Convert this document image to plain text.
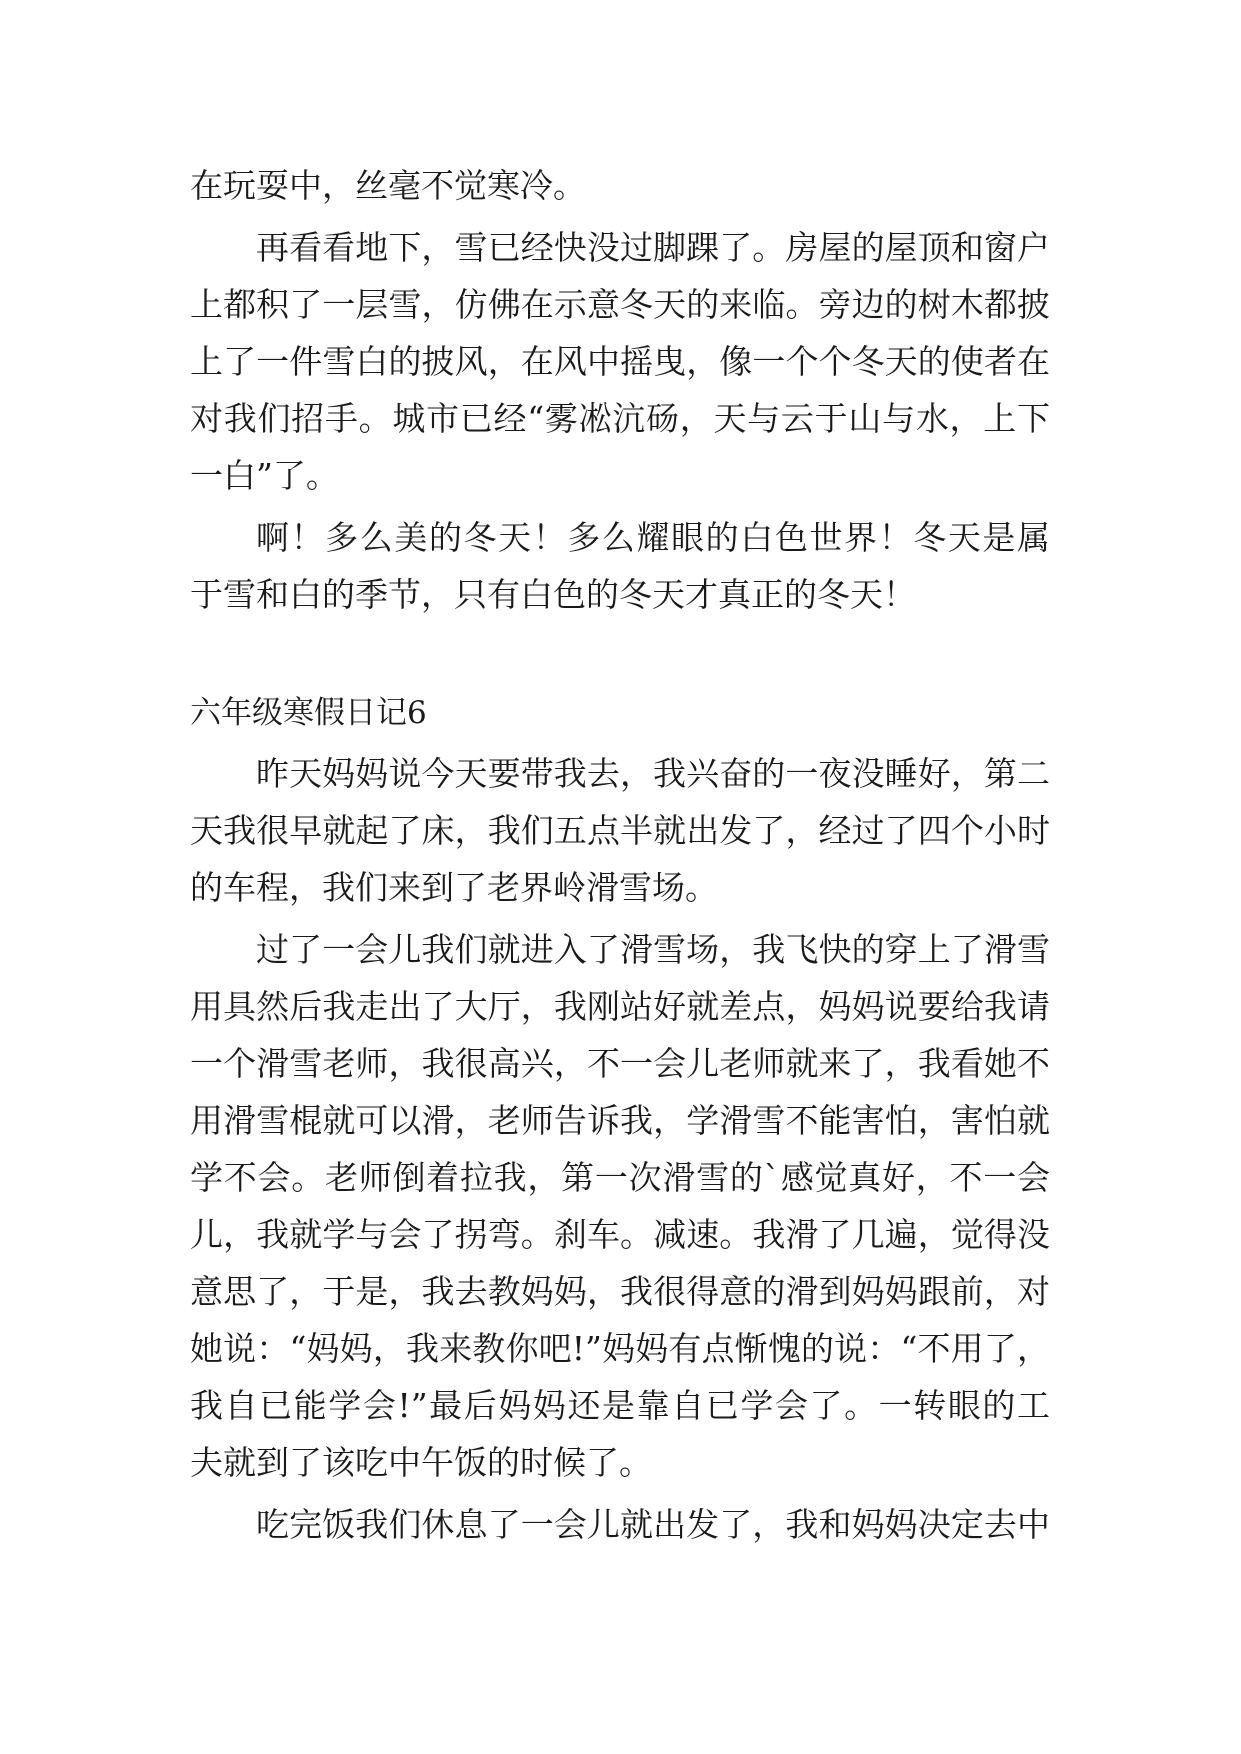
在玩耍中，丝毫不觉寒冷。
再看看地下，雪已经快没过脚踝了。房屋的屋顶和窗户
上都积了一层雪，仿佛在示意冬天的来临。旁边的树木都披
上了一件雪白的披风，在风中摇曳，像一个个冬天的使者在
对我们招手。城市已经“雾凇沆砀，天与云于山与水，上下
一白”了。
啊！多么美的冬天！多么耀眼的白色世界！冬天是属
于雪和白的季节，只有白色的冬天才真正的冬天！
六年级寒假日记6
昨天妈妈说今天要带我去，我兴奋的一夜没睡好，第二
天我很早就起了床，我们五点半就出发了，经过了四个小时
的车程，我们来到了老界岭滑雪场。
过了一会儿我们就进入了滑雪场，我飞快的穿上了滑雪
用具然后我走出了大厅，我刚站好就差点，妈妈说要给我请
一个滑雪老师，我很高兴，不一会儿老师就来了，我看她不
用滑雪棍就可以滑，老师告诉我，学滑雪不能害怕，害怕就
学不会。老师倒着拉我，第一次滑雪的`感觉真好，不一会
儿，我就学与会了拐弯。刹车。减速。我滑了几遍，觉得没
意思了，于是，我去教妈妈，我很得意的滑到妈妈跟前，对
她说：“妈妈，我来教你吧!”妈妈有点惭愧的说：“不用了，
我自已能学会!”最后妈妈还是靠自已学会了。一转眼的工
夫就到了该吃中午饭的时候了。
吃完饭我们休息了一会儿就出发了，我和妈妈决定去中
